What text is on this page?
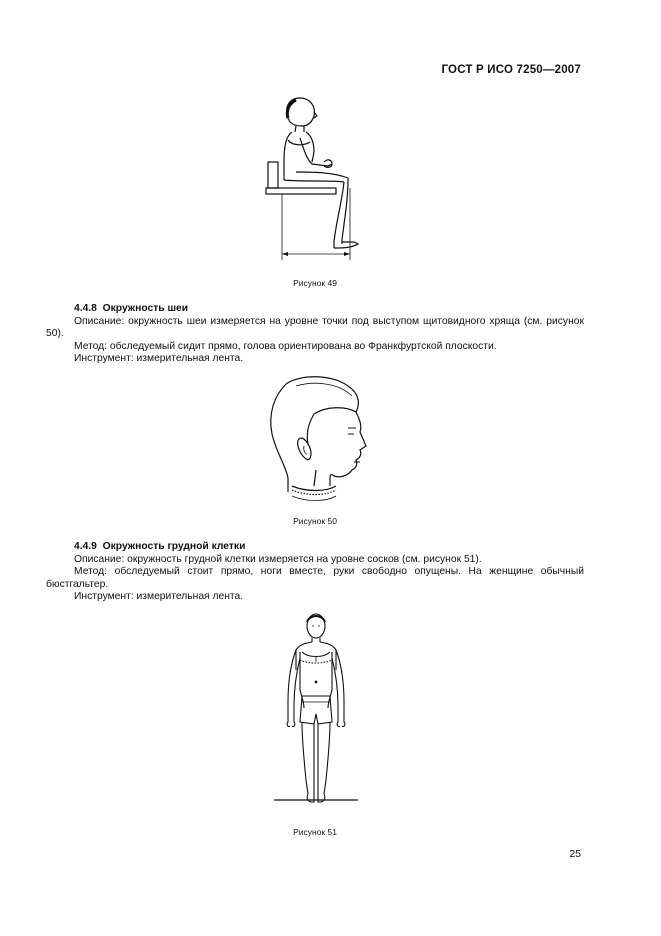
ГОСТ Р ИСО 7250—2007
Рисунок 49
4.4.8 Окружность шеи

Описание: окружность шеи измеряется на уровне точки под выступом щитовидного хряща (см. рисунок 50).

Метод: обследуемый сидит прямо, голова ориентирована во Франкфуртской плоскости.

Инструмент: измерительная лента.

Рисунок 50
4.4.9 Окружность грудной клетки

Описание: окружность грудной клетки измеряется на уровне сосков (см. рисунок 51).

Метод: обследуемый стоит прямо, ноги вместе, руки свободно опущены. На женщине обычный бюстгальтер.

Инструмент: измерительная лента.

Рисунок 51
25
